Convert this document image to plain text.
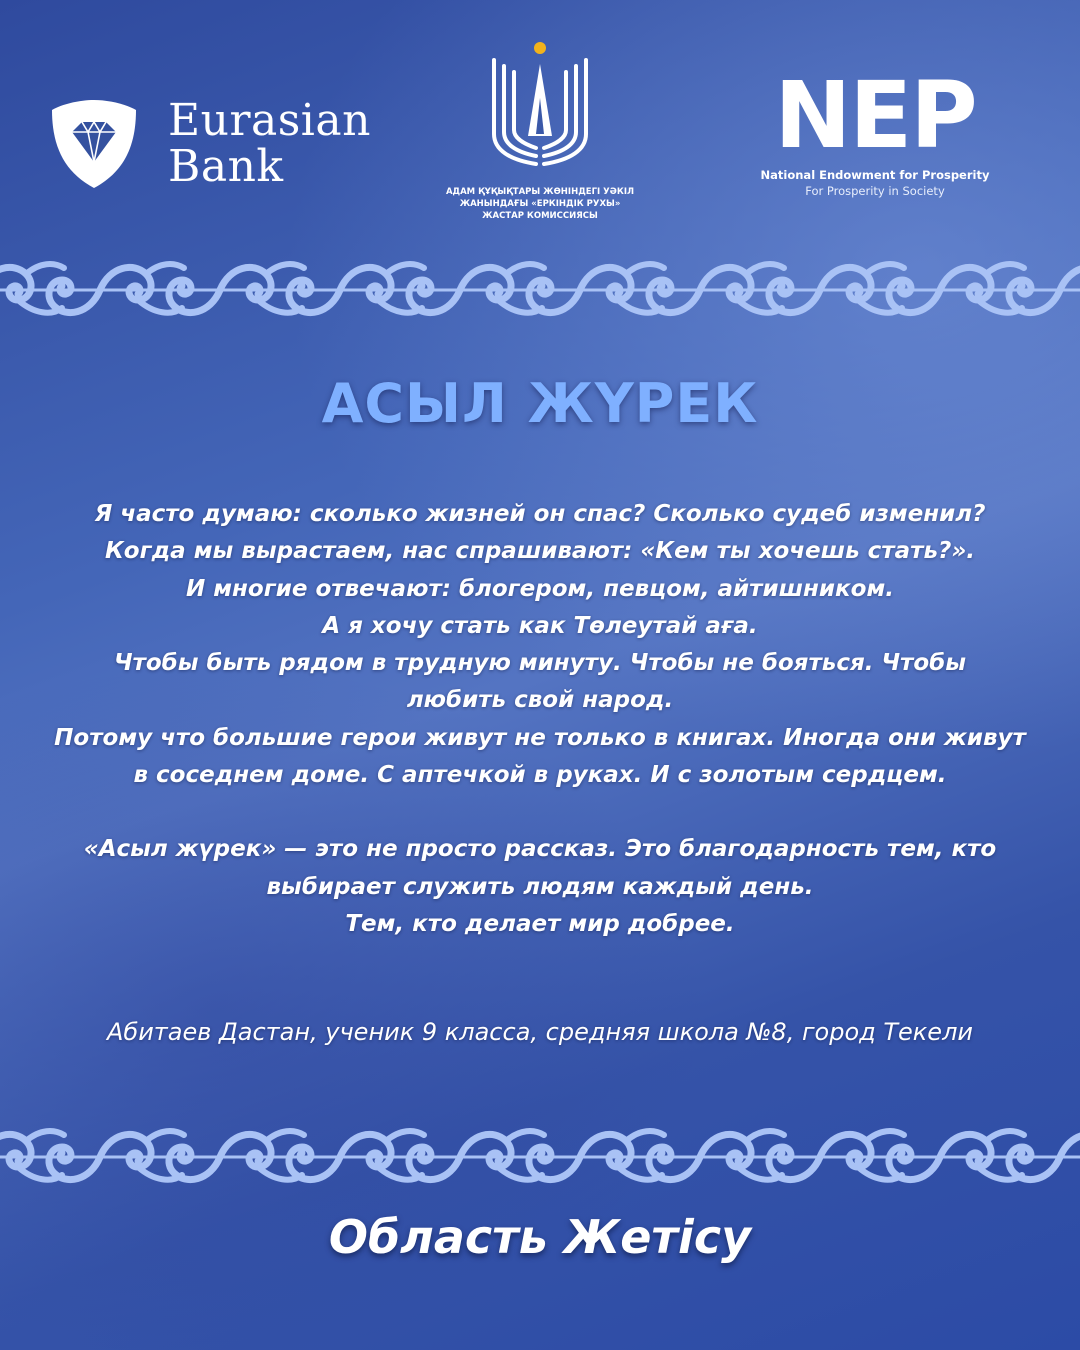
Eurasian
Bank	АДАМ ҚҰҚЫҚТАРЫ ЖӨНІНДЕГІ УӘКІЛ
ЖАНЫНДАҒЫ «ЕРКІНДІК РУХЫ»
ЖАСТАР КОМИССИЯСЫ
NEP
National Endowment for Prosperity
For Prosperity in Society
АСЫЛ ЖҮРЕК
Я часто думаю: сколько жизней он спас? Сколько судеб изменил?
Когда мы вырастаем, нас спрашивают: «Кем ты хочешь стать?».
И многие отвечают: блогером, певцом, айтишником.
А я хочу стать как Төлеутай аға.
Чтобы быть рядом в трудную минуту. Чтобы не бояться. Чтобы
любить свой народ.
Потому что большие герои живут не только в книгах. Иногда они живут
в соседнем доме. С аптечкой в руках. И с золотым сердцем.
«Асыл жүрек» — это не просто рассказ. Это благодарность тем, кто
выбирает служить людям каждый день.
Тем, кто делает мир добрее.
Абитаев Дастан, ученик 9 класса, средняя школа №8, город Текели
Область Жетісу
